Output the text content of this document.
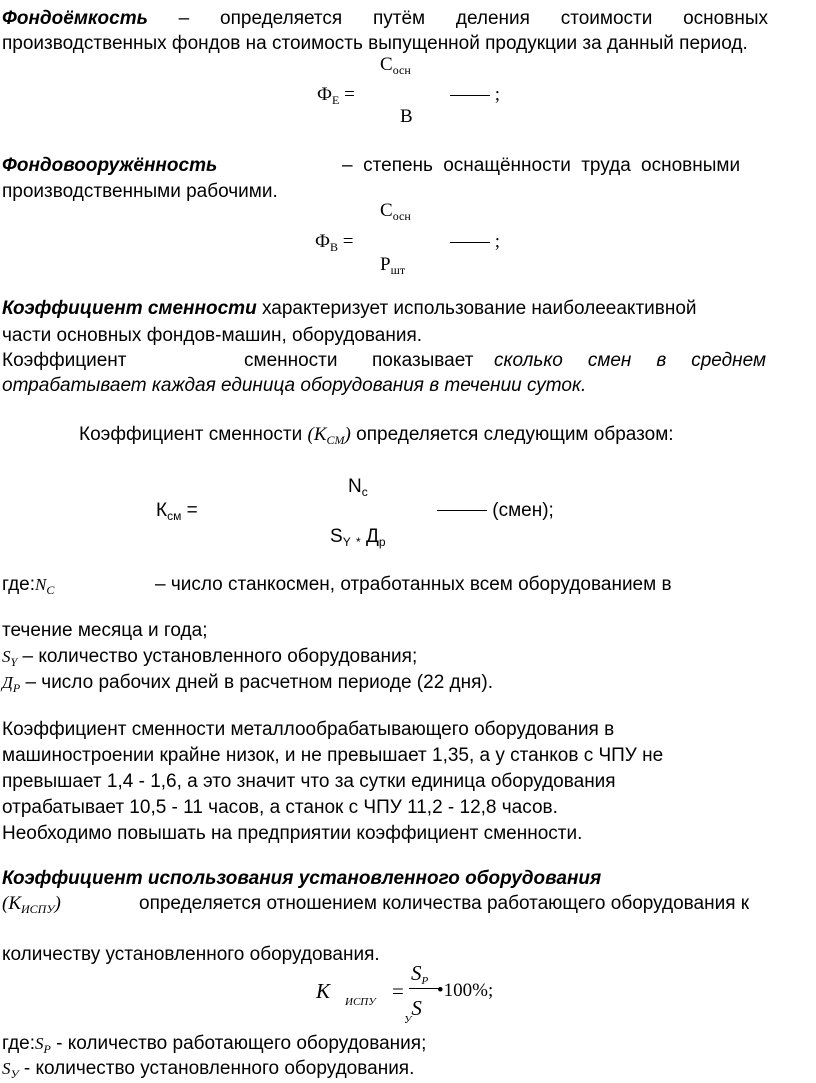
Фондоёмкость – определяется путём деления стоимости основных
производственных фондов на стоимость выпущенной продукции за данный период.
$С_{осн}$
$Ф_Е$ =	;
В
Фондовооружённость	– степень оснащённости труда основными
производственными рабочими.
$С_{осн}$
$Ф_В$ =	;
$Р_{шт}$
Коэффициент сменности характеризует использование наиболееактивной
части основных фондов-машин, оборудования.
Коэффициент	сменности показывает сколько смен в среднем
отрабатывает каждая единица оборудования в течении суток.
Коэффициент сменности $(K_{СМ})$ определяется следующим образом:
$N_c$
$К_{см}$ =	(смен);
$S_Y$ $_*$ $Д_р$
$где:N_C$	– число станкосмен, отработанных всем оборудованием в
течение месяца и года;
$S_Y$ – количество установленного оборудования;
$Д_Р$ – число рабочих дней в расчетном периоде (22 дня).
Коэффициент сменности металлообрабатывающего оборудования в
машиностроении крайне низок, и не превышает 1,35, а у станков с ЧПУ не
превышает 1,4 - 1,6, а это значит что за сутки единица оборудования
отрабатывает 10,5 - 11 часов, а станок с ЧПУ 11,2 - 12,8 часов.
Необходимо повышать на предприятии коэффициент сменности.
Коэффициент использования установленного оборудования
$(K_{ИСПУ})$	определяется отношением количества работающего оборудования к
количеству установленного оборудования.
K ИСПУ =
SР
$_У$S
•100%;
$где:S_Р$ - количество работающего оборудования;
$S_У$ - количество установленного оборудования.
